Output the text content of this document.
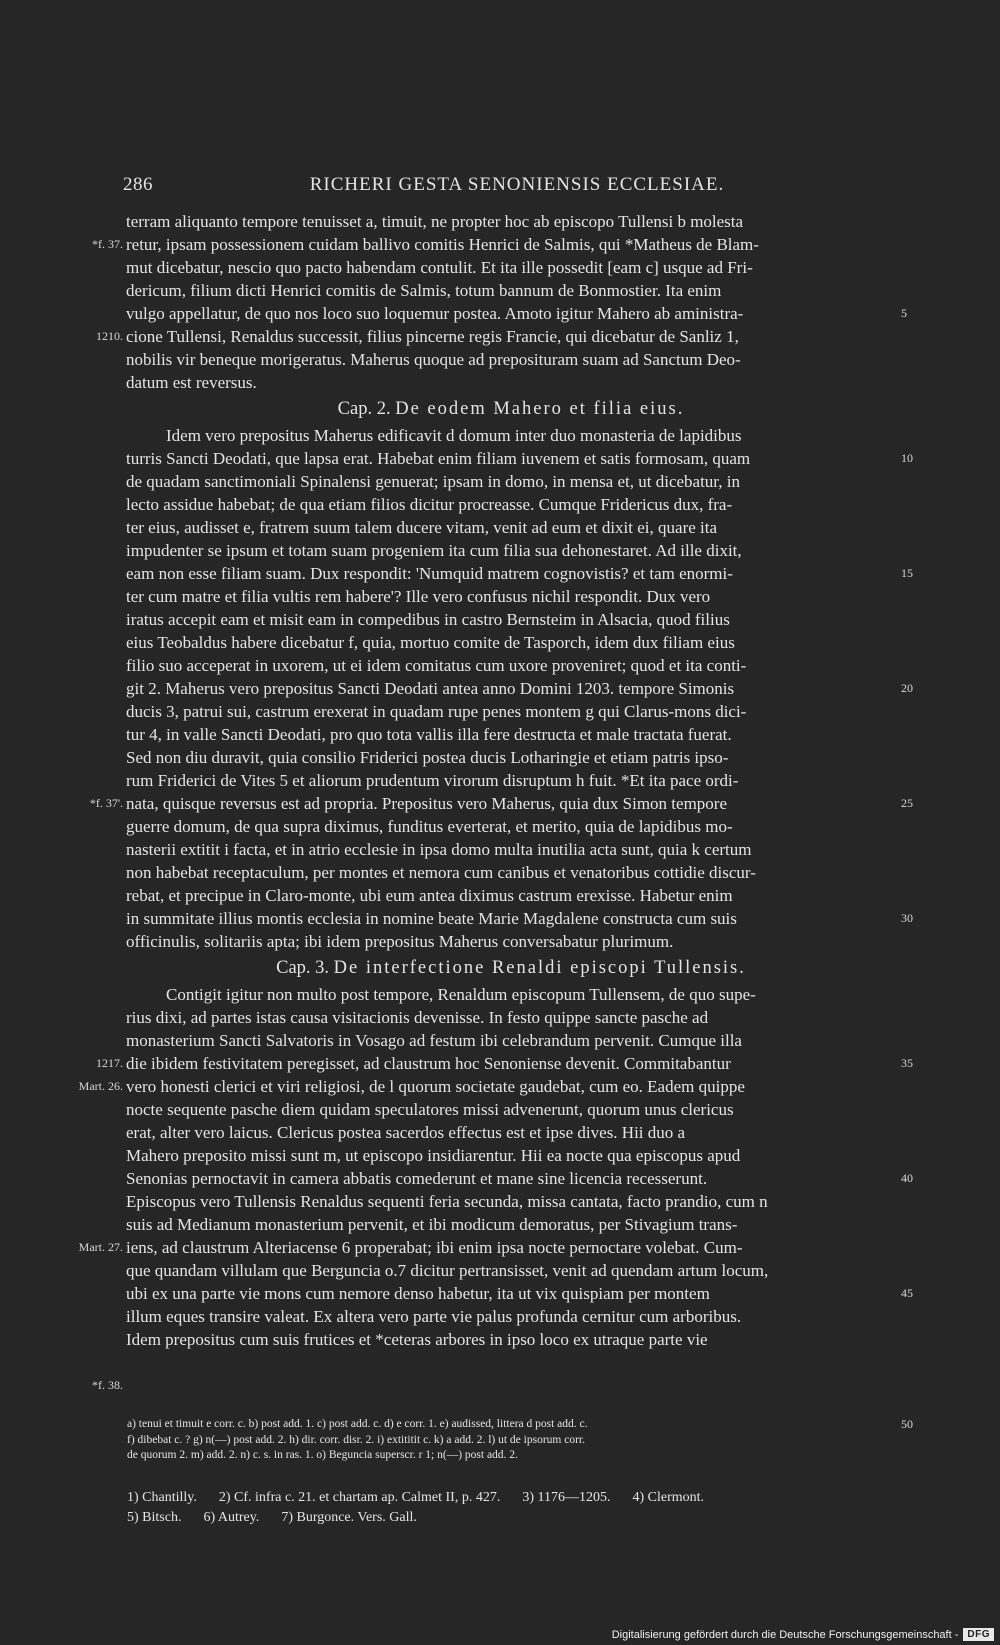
286	RICHERI GESTA SENONIENSIS ECCLESIAE.
terram aliquanto tempore tenuisset a, timuit, ne propter hoc ab episcopo Tullensi b molesta
retur, ipsam possessionem cuidam ballivo comitis Henrici de Salmis, qui *Matheus de Blam-
mut dicebatur, nescio quo pacto habendam contulit. Et ita ille possedit [eam c] usque ad Fri-
dericum, filium dicti Henrici comitis de Salmis, totum bannum de Bonmostier. Ita enim
vulgo appellatur, de quo nos loco suo loquemur postea. Amoto igitur Mahero ab aministra-
cione Tullensi, Renaldus successit, filius pincerne regis Francie, qui dicebatur de Sanliz 1,
nobilis vir beneque morigeratus. Maherus quoque ad preposituram suam ad Sanctum Deo-
datum est reversus.
Cap. 2. De eodem Mahero et filia eius.
Idem vero prepositus Maherus edificavit d domum inter duo monasteria de lapidibus
turris Sancti Deodati, que lapsa erat. Habebat enim filiam iuvenem et satis formosam, quam
de quadam sanctimoniali Spinalensi genuerat; ipsam in domo, in mensa et, ut dicebatur, in
lecto assidue habebat; de qua etiam filios dicitur procreasse. Cumque Fridericus dux, fra-
ter eius, audisset e, fratrem suum talem ducere vitam, venit ad eum et dixit ei, quare ita
impudenter se ipsum et totam suam progeniem ita cum filia sua dehonestaret. Ad ille dixit,
eam non esse filiam suam. Dux respondit: 'Numquid matrem cognovistis? et tam enormi-
ter cum matre et filia vultis rem habere'? Ille vero confusus nichil respondit. Dux vero
iratus accepit eam et misit eam in compedibus in castro Bernsteim in Alsacia, quod filius
eius Teobaldus habere dicebatur f, quia, mortuo comite de Tasporch, idem dux filiam eius
filio suo acceperat in uxorem, ut ei idem comitatus cum uxore proveniret; quod et ita conti-
git 2. Maherus vero prepositus Sancti Deodati antea anno Domini 1203. tempore Simonis
ducis 3, patrui sui, castrum erexerat in quadam rupe penes montem g qui Clarus-mons dici-
tur 4, in valle Sancti Deodati, pro quo tota vallis illa fere destructa et male tractata fuerat.
Sed non diu duravit, quia consilio Friderici postea ducis Lotharingie et etiam patris ipso-
rum Friderici de Vites 5 et aliorum prudentum virorum disruptum h fuit. *Et ita pace ordi-
nata, quisque reversus est ad propria. Prepositus vero Maherus, quia dux Simon tempore
guerre domum, de qua supra diximus, funditus everterat, et merito, quia de lapidibus mo-
nasterii extitit i facta, et in atrio ecclesie in ipsa domo multa inutilia acta sunt, quia k certum
non habebat receptaculum, per montes et nemora cum canibus et venatoribus cottidie discur-
rebat, et precipue in Claro-monte, ubi eum antea diximus castrum erexisse. Habetur enim
in summitate illius montis ecclesia in nomine beate Marie Magdalene constructa cum suis
officinulis, solitariis apta; ibi idem prepositus Maherus conversabatur plurimum.
Cap. 3. De interfectione Renaldi episcopi Tullensis.
Contigit igitur non multo post tempore, Renaldum episcopum Tullensem, de quo supe-
rius dixi, ad partes istas causa visitacionis devenisse. In festo quippe sancte pasche ad
monasterium Sancti Salvatoris in Vosago ad festum ibi celebrandum pervenit. Cumque illa
die ibidem festivitatem peregisset, ad claustrum hoc Senoniense devenit. Commitabantur
vero honesti clerici et viri religiosi, de l quorum societate gaudebat, cum eo. Eadem quippe
nocte sequente pasche diem quidam speculatores missi advenerunt, quorum unus clericus
erat, alter vero laicus. Clericus postea sacerdos effectus est et ipse dives. Hii duo a
Mahero preposito missi sunt m, ut episcopo insidiarentur. Hii ea nocte qua episcopus apud
Senonias pernoctavit in camera abbatis comederunt et mane sine licencia recesserunt.
Episcopus vero Tullensis Renaldus sequenti feria secunda, missa cantata, facto prandio, cum n
suis ad Medianum monasterium pervenit, et ibi modicum demoratus, per Stivagium trans-
iens, ad claustrum Alteriacense 6 properabat; ibi enim ipsa nocte pernoctare volebat. Cum-
que quandam villulam que Berguncia o.7 dicitur pertransisset, venit ad quendam artum locum,
ubi ex una parte vie mons cum nemore denso habetur, ita ut vix quispiam per montem
illum eques transire valeat. Ex altera vero parte vie palus profunda cernitur cum arboribus.
Idem prepositus cum suis frutices et *ceteras arbores in ipso loco ex utraque parte vie
*f. 37.
1210.
*f. 37'.
1217.
Mart. 26.
Mart. 27.
*f. 38.
5
10
15
20
25
30
35
40
45
a) tenui et timuit e corr. c. b) post add. 1. c) post add. c. d) e corr. 1. e) audissed, littera d post add. c.
f) dibebat c. ? g) n(—) post add. 2. h) dir. corr. disr. 2. i) extititit c. k) a add. 2. l) ut de ipsorum corr.
de quorum 2. m) add. 2. n) c. s. in ras. 1. o) Beguncia superscr. r 1; n(—) post add. 2.
50
1) Chantilly. 2) Cf. infra c. 21. et chartam ap. Calmet II, p. 427. 3) 1176—1205. 4) Clermont.
5) Bitsch. 6) Autrey. 7) Burgonce. Vers. Gall.
Digitalisierung gefördert durch die Deutsche Forschungsgemeinschaft - DFG
